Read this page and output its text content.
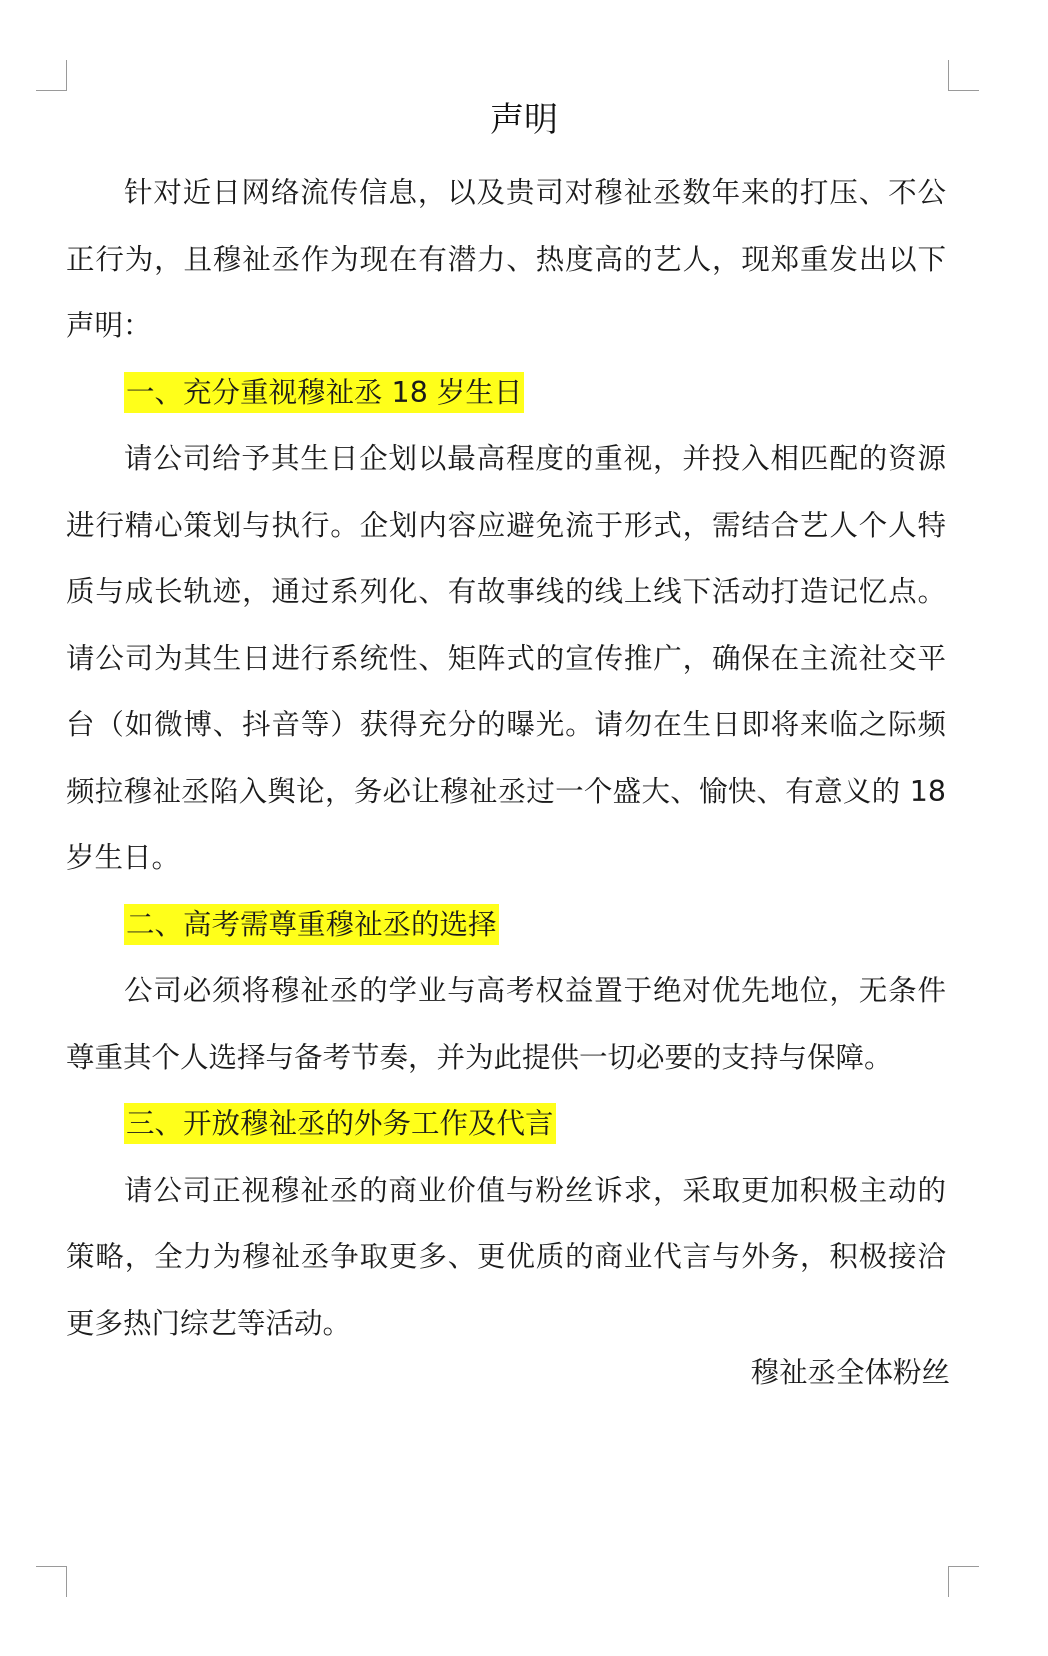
声明

针对近日网络流传信息，以及贵司对穆祉丞数年来的打压、不公正行为，且穆祉丞作为现在有潜力、热度高的艺人，现郑重发出以下声明：

一、充分重视穆祉丞 18 岁生日

请公司给予其生日企划以最高程度的重视，并投入相匹配的资源进行精心策划与执行。企划内容应避免流于形式，需结合艺人个人特质与成长轨迹，通过系列化、有故事线的线上线下活动打造记忆点。请公司为其生日进行系统性、矩阵式的宣传推广，确保在主流社交平台（如微博、抖音等）获得充分的曝光。请勿在生日即将来临之际频频拉穆祉丞陷入舆论，务必让穆祉丞过一个盛大、愉快、有意义的 18 岁生日。

二、高考需尊重穆祉丞的选择

公司必须将穆祉丞的学业与高考权益置于绝对优先地位，无条件尊重其个人选择与备考节奏，并为此提供一切必要的支持与保障。

三、开放穆祉丞的外务工作及代言

请公司正视穆祉丞的商业价值与粉丝诉求，采取更加积极主动的策略，全力为穆祉丞争取更多、更优质的商业代言与外务，积极接洽更多热门综艺等活动。

穆祉丞全体粉丝
